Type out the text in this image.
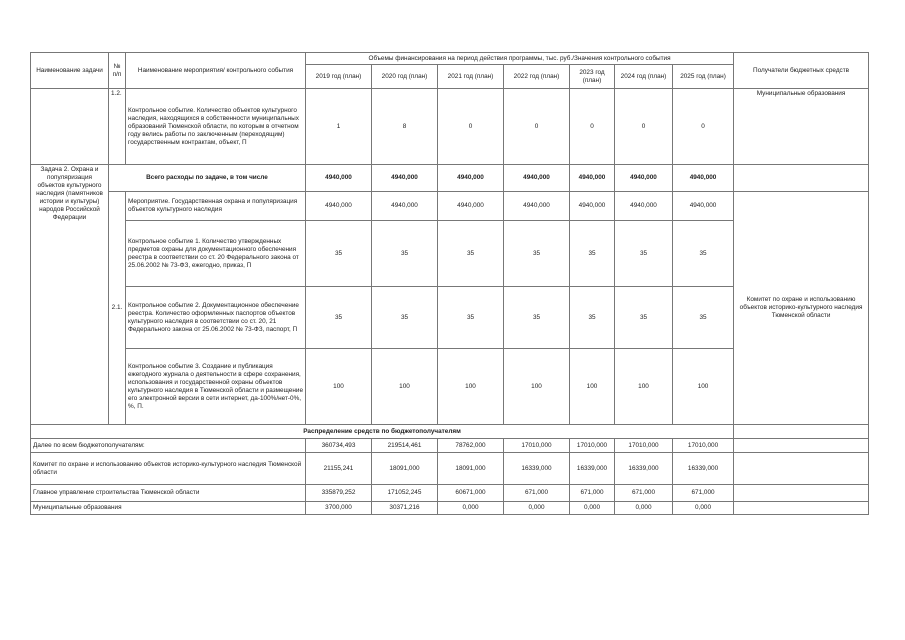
Наименование задачи	№ п/п	Наименование мероприятия/ контрольного события	Объемы финансирования на период действия программы, тыс. руб./Значения контрольного события							Получатели бюджетных средств
			2019 год (план)	2020 год (план)	2021 год (план)	2022 год (план)	2023 год (план)	2024 год (план)	2025 год (план)	
	1.2.	Контрольное событие. Количество объектов культурного наследия, находящихся в собственности муниципальных образований Тюменской области, по которым в отчетном году велись работы по заключенным (переходящим) государственным контрактам, объект, П	1	8	0	0	0	0	0	Муниципальные образования
Задача 2. Охрана и популяризация объектов культурного наследия (памятников истории и культуры) народов Российской Федерации	Всего расходы по задаче, в том числе		4940,000	4940,000	4940,000	4940,000	4940,000	4940,000	4940,000	
	2.1.	Мероприятие. Государственная охрана и популяризация объектов культурного наследия	4940,000	4940,000	4940,000	4940,000	4940,000	4940,000	4940,000	Комитет по охране и использованию объектов историко-культурного наследия Тюменской области
		Контрольное событие 1. Количество утвержденных предметов охраны для документационного обеспечения реестра в соответствии со ст. 20 Федерального закона от 25.06.2002 № 73-ФЗ, ежегодно, приказ, П	35	35	35	35	35	35	35	
		Контрольное событие 2. Документационное обеспечение реестра. Количество оформленных паспортов объектов культурного наследия в соответствии со ст. 20, 21 Федерального закона от 25.06.2002 № 73-ФЗ, паспорт, П	35	35	35	35	35	35	35	
		Контрольное событие 3. Создание и публикация ежегодного журнала о деятельности в сфере сохранения, использования и государственной охраны объектов культурного наследия в Тюменской области и размещение его электронной версии в сети интернет, да-100%/нет-0%, %, П.	100	100	100	100	100	100	100	
Распределение средств по бюджетополучателям										
Далее по всем бюджетополучателям:			360734,493	219514,461	78762,000	17010,000	17010,000	17010,000	17010,000	
Комитет по охране и использованию объектов историко-культурного наследия Тюменской области			21155,241	18091,000	18091,000	16339,000	16339,000	16339,000	16339,000	
Главное управление строительства Тюменской области			335879,252	171052,245	60671,000	671,000	671,000	671,000	671,000	
Муниципальные образования			3700,000	30371,216	0,000	0,000	0,000	0,000	0,000	
